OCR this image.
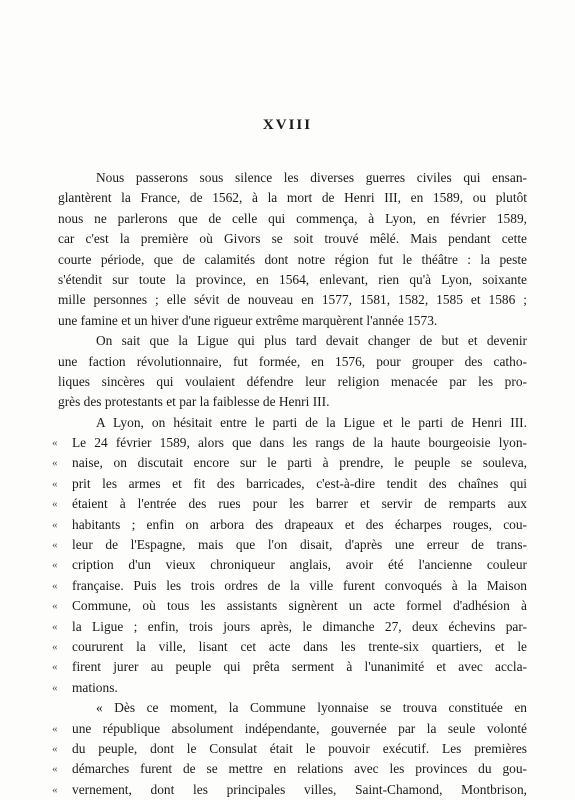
XVIII
Nous passerons sous silence les diverses guerres civiles qui ensan-
glantèrent la France, de 1562, à la mort de Henri III, en 1589, ou plutôt
nous ne parlerons que de celle qui commença, à Lyon, en février 1589,
car c'est la première où Givors se soit trouvé mêlé. Mais pendant cette
courte période, que de calamités dont notre région fut le théâtre : la peste
s'étendit sur toute la province, en 1564, enlevant, rien qu'à Lyon, soixante
mille personnes ; elle sévit de nouveau en 1577, 1581, 1582, 1585 et 1586 ;
une famine et un hiver d'une rigueur extrême marquèrent l'année 1573.
On sait que la Ligue qui plus tard devait changer de but et devenir
une faction révolutionnaire, fut formée, en 1576, pour grouper des catho-
liques sincères qui voulaient défendre leur religion menacée par les pro-
grès des protestants et par la faiblesse de Henri III.
A Lyon, on hésitait entre le parti de la Ligue et le parti de Henri III.
« Le 24 février 1589, alors que dans les rangs de la haute bourgeoisie lyon-
« naise, on discutait encore sur le parti à prendre, le peuple se souleva,
« prit les armes et fit des barricades, c'est-à-dire tendit des chaînes qui
« étaient à l'entrée des rues pour les barrer et servir de remparts aux
« habitants ; enfin on arbora des drapeaux et des écharpes rouges, cou-
« leur de l'Espagne, mais que l'on disait, d'après une erreur de trans-
« cription d'un vieux chroniqueur anglais, avoir été l'ancienne couleur
« française. Puis les trois ordres de la ville furent convoqués à la Maison
« Commune, où tous les assistants signèrent un acte formel d'adhésion à
« la Ligue ; enfin, trois jours après, le dimanche 27, deux échevins par-
« coururent la ville, lisant cet acte dans les trente-six quartiers, et le
« firent jurer au peuple qui prêta serment à l'unanimité et avec accla-
« mations.
« Dès ce moment, la Commune lyonnaise se trouva constituée en
« une république absolument indépendante, gouvernée par la seule volonté
« du peuple, dont le Consulat était le pouvoir exécutif. Les premières
« démarches furent de se mettre en relations avec les provinces du gou-
« vernement, dont les principales villes, Saint-Chamond, Montbrison,
